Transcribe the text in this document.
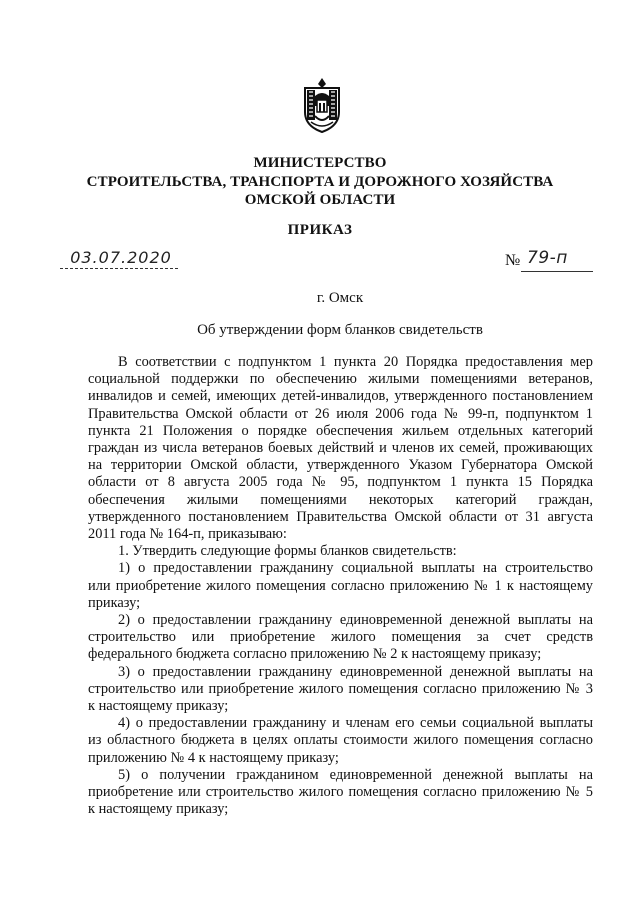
МИНИСТЕРСТВО
СТРОИТЕЛЬСТВА, ТРАНСПОРТА И ДОРОЖНОГО ХОЗЯЙСТВА
ОМСКОЙ ОБЛАСТИ
ПРИКАЗ
03.07.2020	№ 79-п
г. Омск
Об утверждении форм бланков свидетельств

В соответствии с подпунктом 1 пункта 20 Порядка предоставления мер

социальной поддержки по обеспечению жилыми помещениями ветеранов,

инвалидов и семей, имеющих детей-инвалидов, утвержденного постановлением

Правительства Омской области от 26 июля 2006 года № 99-п, подпунктом 1

пункта 21 Положения о порядке обеспечения жильем отдельных категорий

граждан из числа ветеранов боевых действий и членов их семей, проживающих

на территории Омской области, утвержденного Указом Губернатора Омской

области от 8 августа 2005 года № 95, подпунктом 1 пункта 15 Порядка

обеспечения жилыми помещениями некоторых категорий граждан,

утвержденного постановлением Правительства Омской области от 31 августа

2011 года № 164-п, приказываю:

1. Утвердить следующие формы бланков свидетельств:

1) о предоставлении гражданину социальной выплаты на строительство

или приобретение жилого помещения согласно приложению № 1 к настоящему

приказу;

2) о предоставлении гражданину единовременной денежной выплаты на

строительство или приобретение жилого помещения за счет средств

федерального бюджета согласно приложению № 2 к настоящему приказу;

3) о предоставлении гражданину единовременной денежной выплаты на

строительство или приобретение жилого помещения согласно приложению № 3

к настоящему приказу;

4) о предоставлении гражданину и членам его семьи социальной выплаты

из областного бюджета в целях оплаты стоимости жилого помещения согласно

приложению № 4 к настоящему приказу;

5) о получении гражданином единовременной денежной выплаты на

приобретение или строительство жилого помещения согласно приложению № 5

к настоящему приказу;
